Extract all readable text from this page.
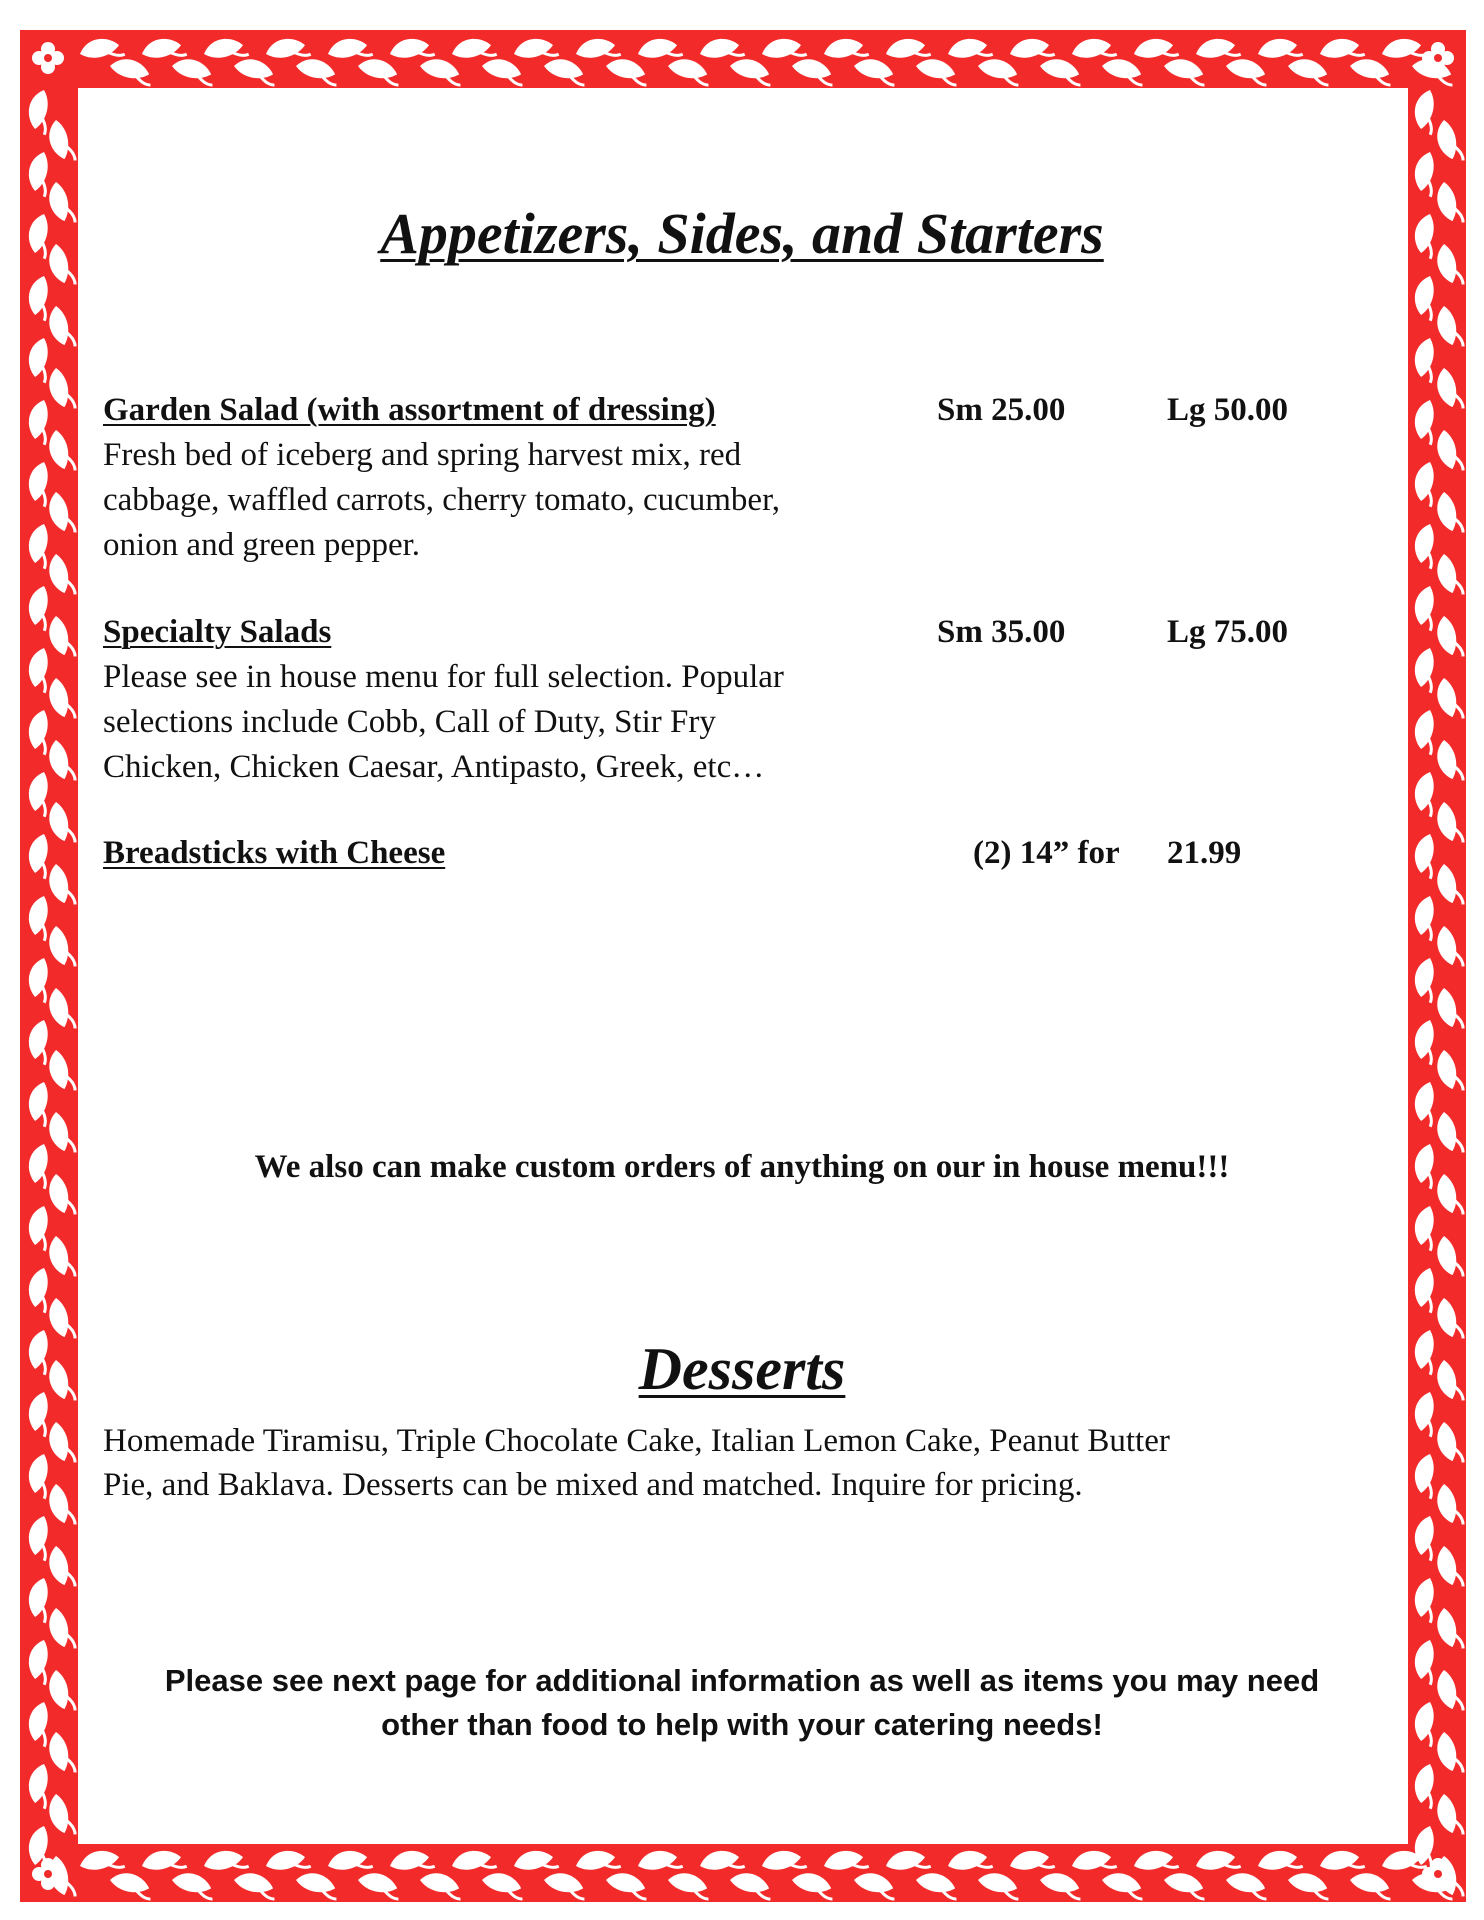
Appetizers, Sides, and Starters
Garden Salad (with assortment of dressing)	Sm 25.00	Lg 50.00
Fresh bed of iceberg and spring harvest mix, red
cabbage, waffled carrots, cherry tomato, cucumber,
onion and green pepper.
Specialty Salads	Sm 35.00	Lg 75.00
Please see in house menu for full selection. Popular
selections include Cobb, Call of Duty, Stir Fry
Chicken, Chicken Caesar, Antipasto, Greek, etc…
Breadsticks with Cheese	(2) 14” for 21.99
We also can make custom orders of anything on our in house menu!!!
Desserts
Homemade Tiramisu, Triple Chocolate Cake, Italian Lemon Cake, Peanut Butter
Pie, and Baklava. Desserts can be mixed and matched. Inquire for pricing.
Please see next page for additional information as well as items you may need
other than food to help with your catering needs!
